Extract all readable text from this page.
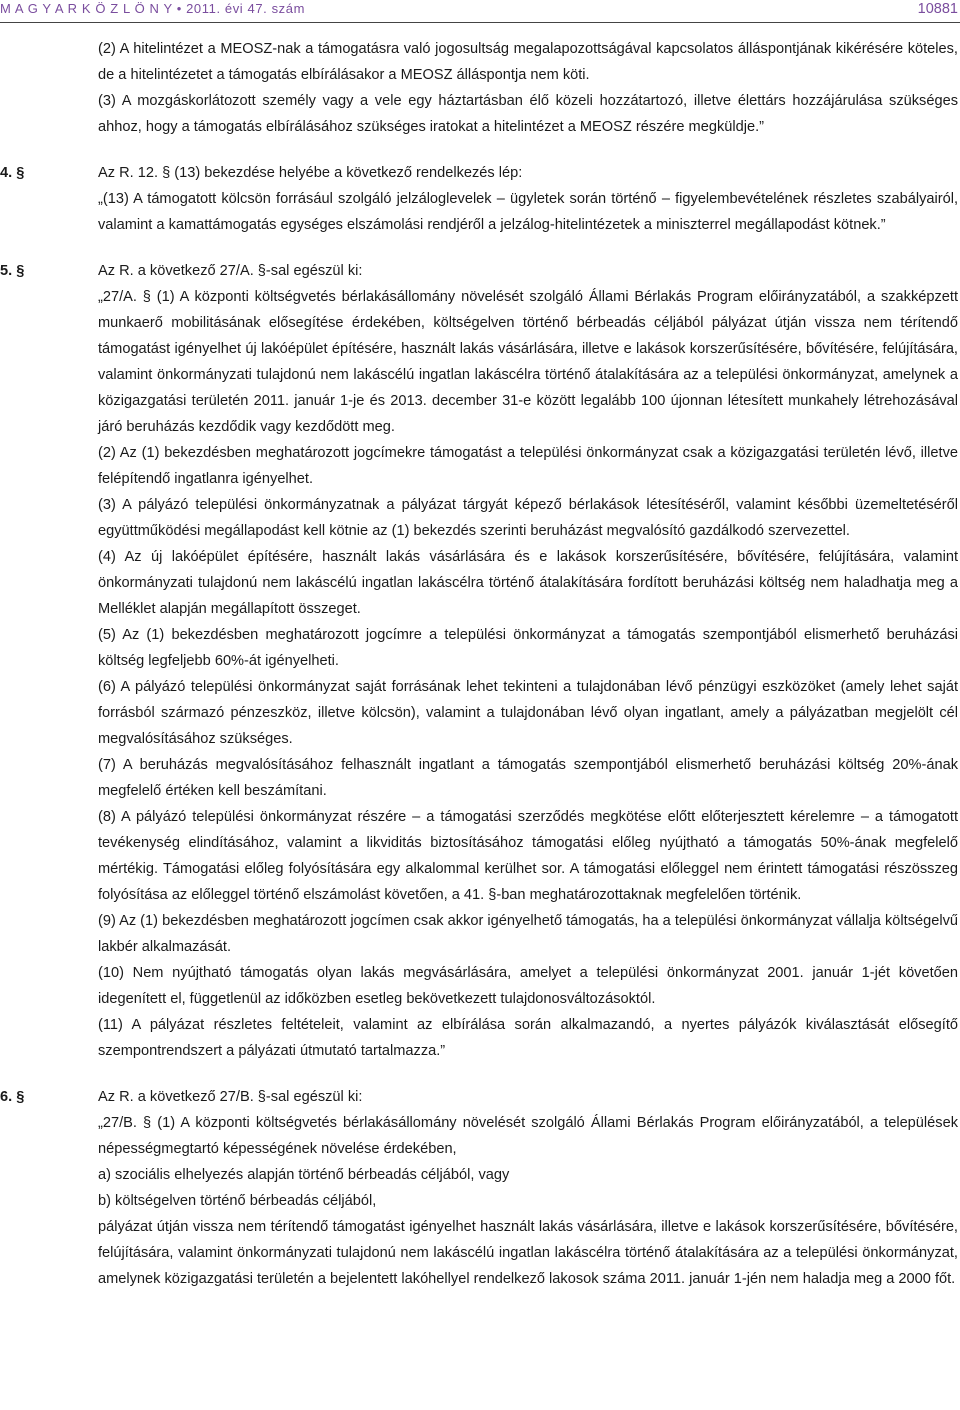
M A G Y A R K Ö Z L Ö N Y • 2011. évi 47. szám	10881
(2) A hitelintézet a MEOSZ-nak a támogatásra való jogosultság megalapozottságával kapcsolatos álláspontjának kikérésére köteles, de a hitelintézetet a támogatás elbírálásakor a MEOSZ álláspontja nem köti.
(3) A mozgáskorlátozott személy vagy a vele egy háztartásban élő közeli hozzátartozó, illetve élettárs hozzájárulása szükséges ahhoz, hogy a támogatás elbírálásához szükséges iratokat a hitelintézet a MEOSZ részére megküldje.”
4. §	Az R. 12. § (13) bekezdése helyébe a következő rendelkezés lép:
„(13) A támogatott kölcsön forrásául szolgáló jelzáloglevelek – ügyletek során történő – figyelembevételének részletes szabályairól, valamint a kamattámogatás egységes elszámolási rendjéről a jelzálog-hitelintézetek a miniszterrel megállapodást kötnek.”
5. §	Az R. a következő 27/A. §-sal egészül ki:
„27/A. § (1) A központi költségvetés bérlakásállomány növelését szolgáló Állami Bérlakás Program előirányzatából, a szakképzett munkaerő mobilitásának elősegítése érdekében, költségelven történő bérbeadás céljából pályázat útján vissza nem térítendő támogatást igényelhet új lakóépület építésére, használt lakás vásárlására, illetve e lakások korszerűsítésére, bővítésére, felújítására, valamint önkormányzati tulajdonú nem lakáscélú ingatlan lakáscélra történő átalakítására az a települési önkormányzat, amelynek a közigazgatási területén 2011. január 1-je és 2013. december 31-e között legalább 100 újonnan létesített munkahely létrehozásával járó beruházás kezdődik vagy kezdődött meg.
(2) Az (1) bekezdésben meghatározott jogcímekre támogatást a települési önkormányzat csak a közigazgatási területén lévő, illetve felépítendő ingatlanra igényelhet.
(3) A pályázó települési önkormányzatnak a pályázat tárgyát képező bérlakások létesítéséről, valamint későbbi üzemeltetéséről együttműködési megállapodást kell kötnie az (1) bekezdés szerinti beruházást megvalósító gazdálkodó szervezettel.
(4) Az új lakóépület építésére, használt lakás vásárlására és e lakások korszerűsítésére, bővítésére, felújítására, valamint önkormányzati tulajdonú nem lakáscélú ingatlan lakáscélra történő átalakítására fordított beruházási költség nem haladhatja meg a Melléklet alapján megállapított összeget.
(5) Az (1) bekezdésben meghatározott jogcímre a települési önkormányzat a támogatás szempontjából elismerhető beruházási költség legfeljebb 60%-át igényelheti.
(6) A pályázó települési önkormányzat saját forrásának lehet tekinteni a tulajdonában lévő pénzügyi eszközöket (amely lehet saját forrásból származó pénzeszköz, illetve kölcsön), valamint a tulajdonában lévő olyan ingatlant, amely a pályázatban megjelölt cél megvalósításához szükséges.
(7) A beruházás megvalósításához felhasznált ingatlant a támogatás szempontjából elismerhető beruházási költség 20%-ának megfelelő értéken kell beszámítani.
(8) A pályázó települési önkormányzat részére – a támogatási szerződés megkötése előtt előterjesztett kérelemre – a támogatott tevékenység elindításához, valamint a likviditás biztosításához támogatási előleg nyújtható a támogatás 50%-ának megfelelő mértékig. Támogatási előleg folyósítására egy alkalommal kerülhet sor. A támogatási előleggel nem érintett támogatási részösszeg folyósítása az előleggel történő elszámolást követően, a 41. §-ban meghatározottaknak megfelelően történik.
(9) Az (1) bekezdésben meghatározott jogcímen csak akkor igényelhető támogatás, ha a települési önkormányzat vállalja költségelvű lakbér alkalmazását.
(10) Nem nyújtható támogatás olyan lakás megvásárlására, amelyet a települési önkormányzat 2001. január 1-jét követően idegenített el, függetlenül az időközben esetleg bekövetkezett tulajdonosváltozásoktól.
(11) A pályázat részletes feltételeit, valamint az elbírálása során alkalmazandó, a nyertes pályázók kiválasztását elősegítő szempontrendszert a pályázati útmutató tartalmazza.”
6. §	Az R. a következő 27/B. §-sal egészül ki:
„27/B. § (1) A központi költségvetés bérlakásállomány növelését szolgáló Állami Bérlakás Program előirányzatából, a települések népességmegtartó képességének növelése érdekében,
a) szociális elhelyezés alapján történő bérbeadás céljából, vagy
b) költségelven történő bérbeadás céljából,
pályázat útján vissza nem térítendő támogatást igényelhet használt lakás vásárlására, illetve e lakások korszerűsítésére, bővítésére, felújítására, valamint önkormányzati tulajdonú nem lakáscélú ingatlan lakáscélra történő átalakítására az a települési önkormányzat, amelynek közigazgatási területén a bejelentett lakóhellyel rendelkező lakosok száma 2011. január 1-jén nem haladja meg a 2000 főt.
